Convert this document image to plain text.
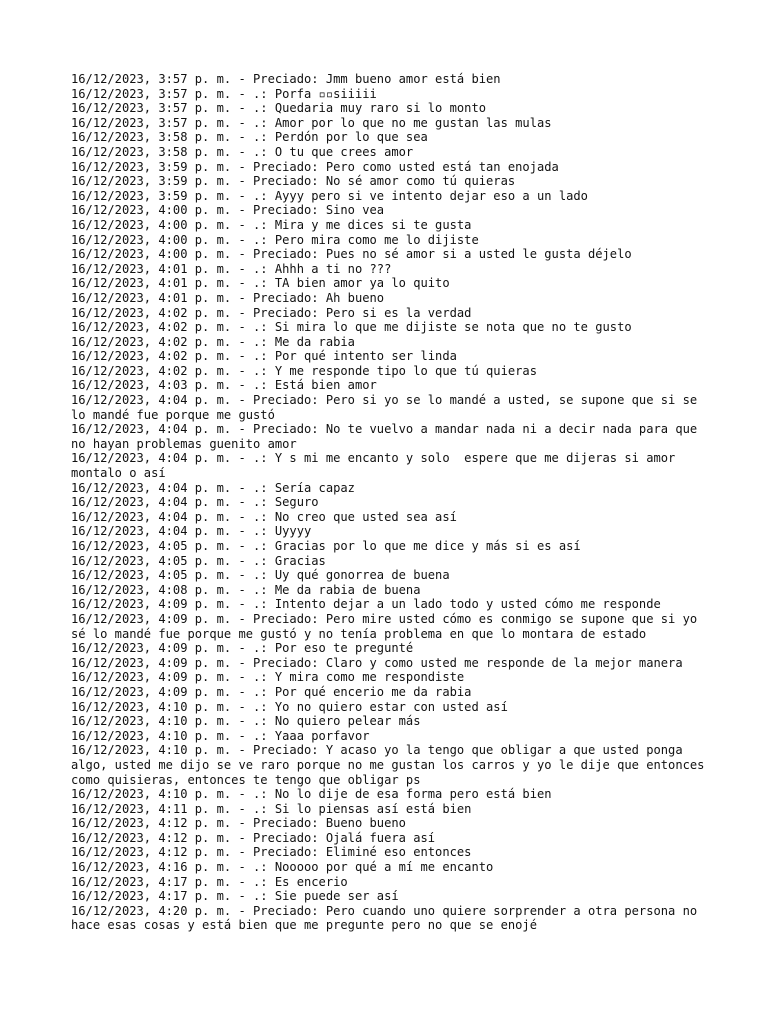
16/12/2023, 3:57 p. m. - Preciado: Jmm bueno amor está bien

16/12/2023, 3:57 p. m. - .: Porfa ▫▫siiiii

16/12/2023, 3:57 p. m. - .: Quedaria muy raro si lo monto

16/12/2023, 3:57 p. m. - .: Amor por lo que no me gustan las mulas

16/12/2023, 3:58 p. m. - .: Perdón por lo que sea

16/12/2023, 3:58 p. m. - .: O tu que crees amor

16/12/2023, 3:59 p. m. - Preciado: Pero como usted está tan enojada

16/12/2023, 3:59 p. m. - Preciado: No sé amor como tú quieras

16/12/2023, 3:59 p. m. - .: Ayyy pero si ve intento dejar eso a un lado

16/12/2023, 4:00 p. m. - Preciado: Sino vea

16/12/2023, 4:00 p. m. - .: Mira y me dices si te gusta

16/12/2023, 4:00 p. m. - .: Pero mira como me lo dijiste

16/12/2023, 4:00 p. m. - Preciado: Pues no sé amor si a usted le gusta déjelo

16/12/2023, 4:01 p. m. - .: Ahhh a ti no ???

16/12/2023, 4:01 p. m. - .: TA bien amor ya lo quito

16/12/2023, 4:01 p. m. - Preciado: Ah bueno

16/12/2023, 4:02 p. m. - Preciado: Pero si es la verdad

16/12/2023, 4:02 p. m. - .: Si mira lo que me dijiste se nota que no te gusto

16/12/2023, 4:02 p. m. - .: Me da rabia

16/12/2023, 4:02 p. m. - .: Por qué intento ser linda

16/12/2023, 4:02 p. m. - .: Y me responde tipo lo que tú quieras

16/12/2023, 4:03 p. m. - .: Está bien amor

16/12/2023, 4:04 p. m. - Preciado: Pero si yo se lo mandé a usted, se supone que si se lo mandé fue porque me gustó

16/12/2023, 4:04 p. m. - Preciado: No te vuelvo a mandar nada ni a decir nada para que no hayan problemas guenito amor

16/12/2023, 4:04 p. m. - .: Y s mi me encanto y solo  espere que me dijeras si amor montalo o así

16/12/2023, 4:04 p. m. - .: Sería capaz

16/12/2023, 4:04 p. m. - .: Seguro

16/12/2023, 4:04 p. m. - .: No creo que usted sea así

16/12/2023, 4:04 p. m. - .: Uyyyy

16/12/2023, 4:05 p. m. - .: Gracias por lo que me dice y más si es así

16/12/2023, 4:05 p. m. - .: Gracias

16/12/2023, 4:05 p. m. - .: Uy qué gonorrea de buena

16/12/2023, 4:08 p. m. - .: Me da rabia de buena

16/12/2023, 4:09 p. m. - .: Intento dejar a un lado todo y usted cómo me responde

16/12/2023, 4:09 p. m. - Preciado: Pero mire usted cómo es conmigo se supone que si yo sé lo mandé fue porque me gustó y no tenía problema en que lo montara de estado

16/12/2023, 4:09 p. m. - .: Por eso te pregunté

16/12/2023, 4:09 p. m. - Preciado: Claro y como usted me responde de la mejor manera

16/12/2023, 4:09 p. m. - .: Y mira como me respondiste

16/12/2023, 4:09 p. m. - .: Por qué encerio me da rabia

16/12/2023, 4:10 p. m. - .: Yo no quiero estar con usted así

16/12/2023, 4:10 p. m. - .: No quiero pelear más

16/12/2023, 4:10 p. m. - .: Yaaa porfavor

16/12/2023, 4:10 p. m. - Preciado: Y acaso yo la tengo que obligar a que usted ponga algo, usted me dijo se ve raro porque no me gustan los carros y yo le dije que entonces como quisieras, entonces te tengo que obligar ps

16/12/2023, 4:10 p. m. - .: No lo dije de esa forma pero está bien

16/12/2023, 4:11 p. m. - .: Si lo piensas así está bien

16/12/2023, 4:12 p. m. - Preciado: Bueno bueno

16/12/2023, 4:12 p. m. - Preciado: Ojalá fuera así

16/12/2023, 4:12 p. m. - Preciado: Eliminé eso entonces

16/12/2023, 4:16 p. m. - .: Nooooo por qué a mí me encanto

16/12/2023, 4:17 p. m. - .: Es encerio

16/12/2023, 4:17 p. m. - .: Sie puede ser así

16/12/2023, 4:20 p. m. - Preciado: Pero cuando uno quiere sorprender a otra persona no hace esas cosas y está bien que me pregunte pero no que se enojé
